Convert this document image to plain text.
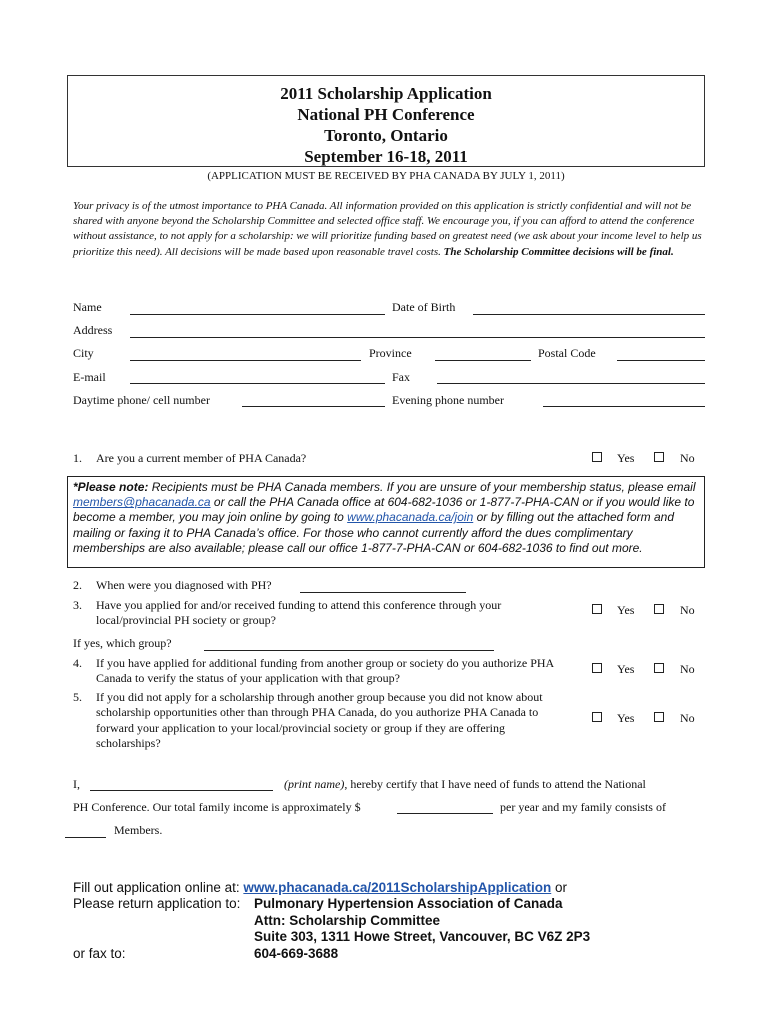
2011 Scholarship Application
National PH Conference
Toronto, Ontario
September 16-18, 2011
(APPLICATION MUST BE RECEIVED BY PHA CANADA BY JULY 1, 2011)
Your privacy is of the utmost importance to PHA Canada. All information provided on this application is strictly confidential and will not be shared with anyone beyond the Scholarship Committee and selected office staff. We encourage you, if you can afford to attend the conference without assistance, to not apply for a scholarship: we will prioritize funding based on greatest need (we ask about your income level to help us prioritize this need). All decisions will be made based upon reasonable travel costs. The Scholarship Committee decisions will be final.
Name	Date of Birth
Address
City	Province	Postal Code
E-mail	Fax
Daytime phone/ cell number	Evening phone number
1. Are you a current member of PHA Canada?	Yes	No
*Please note: Recipients must be PHA Canada members. If you are unsure of your membership status, please email members@phacanada.ca or call the PHA Canada office at 604-682-1036 or 1-877-7-PHA-CAN or if you would like to become a member, you may join online by going to www.phacanada.ca/join or by filling out the attached form and mailing or faxing it to PHA Canada’s office. For those who cannot currently afford the dues complimentary memberships are also available; please call our office 1-877-7-PHA-CAN or 604-682-1036 to find out more.
2. When were you diagnosed with PH?
3. Have you applied for and/or received funding to attend this conference through your local/provincial PH society or group?
Yes	No
If yes, which group?
4. If you have applied for additional funding from another group or society do you authorize PHA Canada to verify the status of your application with that group?
Yes	No
5. If you did not apply for a scholarship through another group because you did not know about scholarship opportunities other than through PHA Canada, do you authorize PHA Canada to forward your application to your local/provincial society or group if they are offering scholarships?
Yes	No
I,	(print name), hereby certify that I have need of funds to attend the National
PH Conference. Our total family income is approximately $	per year and my family consists of
Members.
Fill out application online at: www.phacanada.ca/2011ScholarshipApplication or
Please return application to: Pulmonary Hypertension Association of Canada
Attn: Scholarship Committee
Suite 303, 1311 Howe Street, Vancouver, BC V6Z 2P3
or fax to:	604-669-3688
